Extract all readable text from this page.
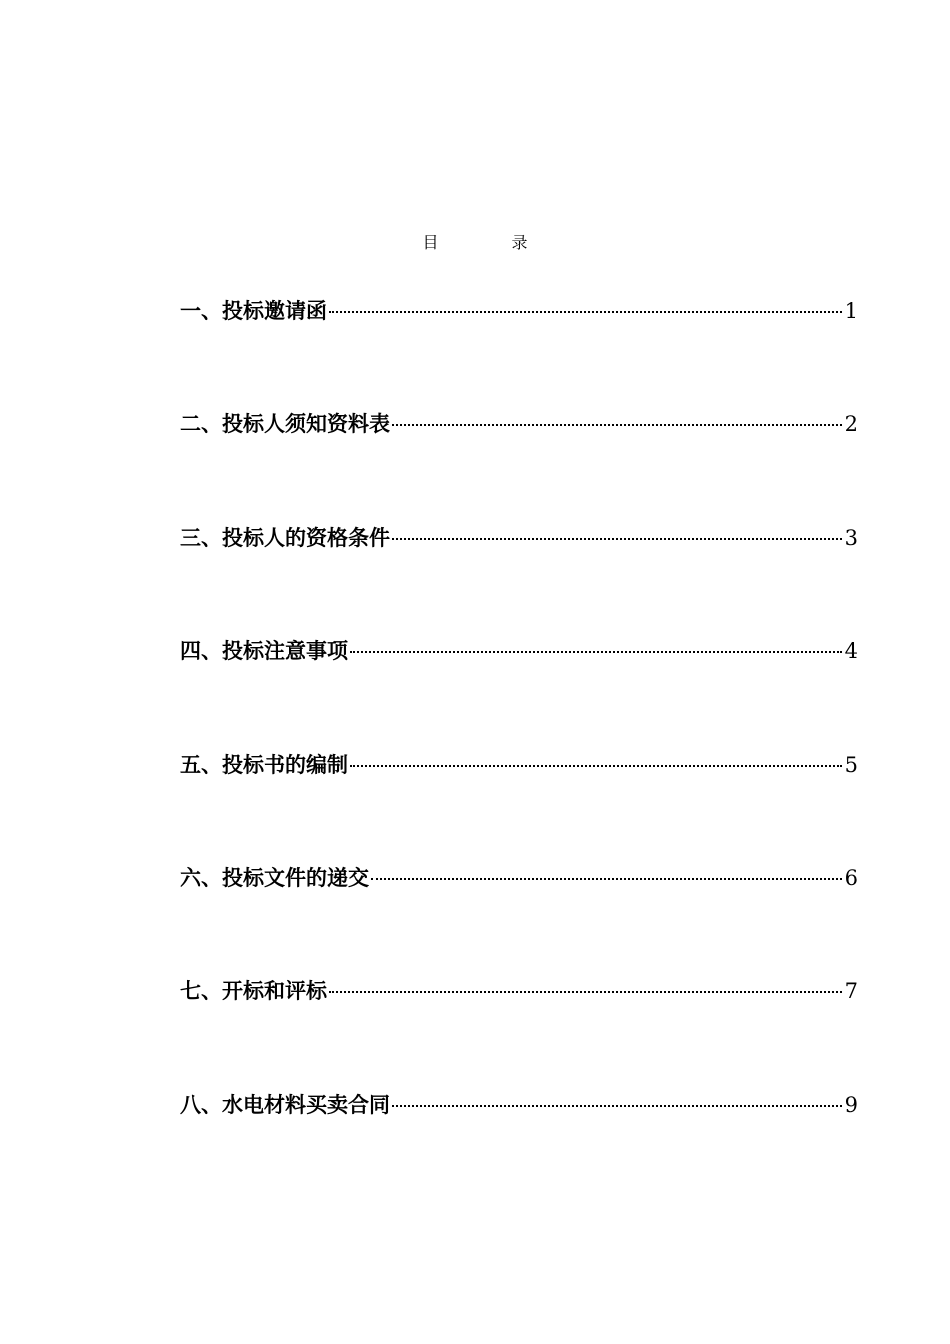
目 录
一、 投标邀请函	1
二、 投标人须知资料表	2
三、 投标人的资格条件	3
四、 投标注意事项	4
五、 投标书的编制	5
六、 投标文件的递交	6
七、 开标和评标	7
八、 水电材料买卖合同	9
